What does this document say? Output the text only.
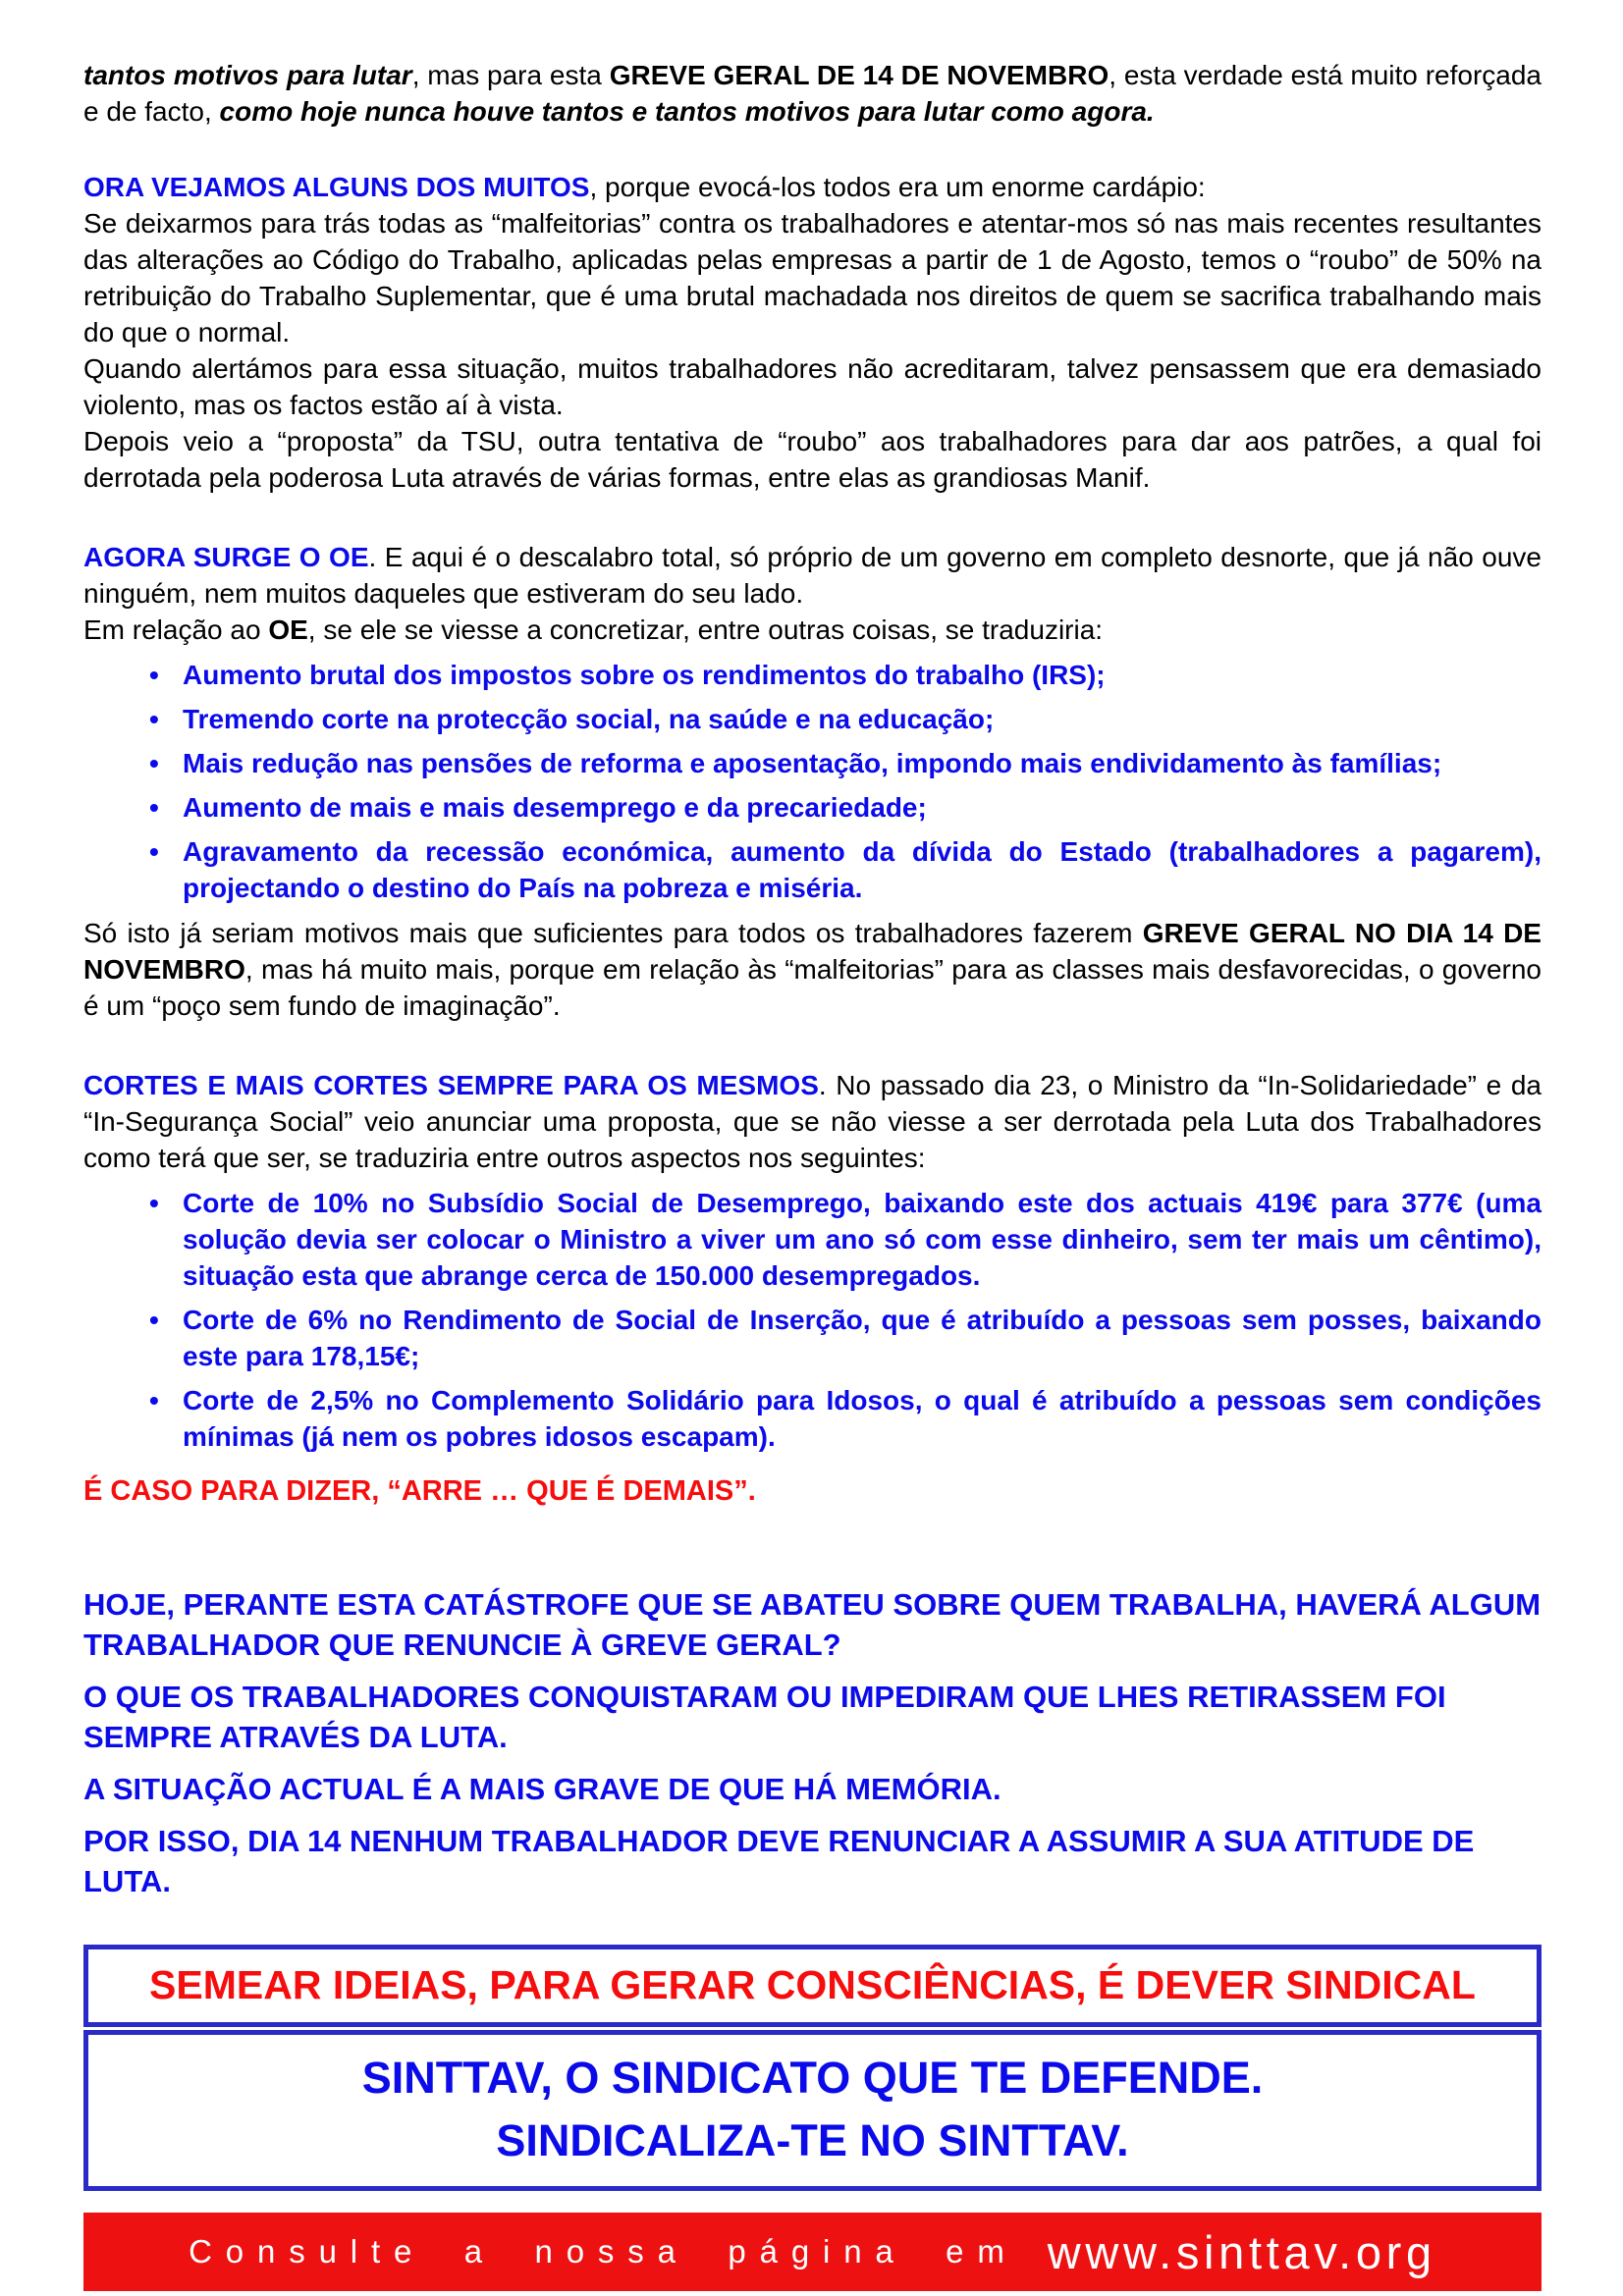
tantos motivos para lutar, mas para esta GREVE GERAL DE 14 DE NOVEMBRO, esta verdade está muito reforçada e de facto, como hoje nunca houve tantos e tantos motivos para lutar como agora.

ORA VEJAMOS ALGUNS DOS MUITOS, porque evocá-los todos era um enorme cardápio:

Se deixarmos para trás todas as “malfeitorias” contra os trabalhadores e atentar-mos só nas mais recentes resultantes das alterações ao Código do Trabalho, aplicadas pelas empresas a partir de 1 de Agosto, temos o “roubo” de 50% na retribuição do Trabalho Suplementar, que é uma brutal machadada nos direitos de quem se sacrifica trabalhando mais do que o normal.

Quando alertámos para essa situação, muitos trabalhadores não acreditaram, talvez pensassem que era demasiado violento, mas os factos estão aí à vista.

Depois veio a “proposta” da TSU, outra tentativa de “roubo” aos trabalhadores para dar aos patrões, a qual foi derrotada pela poderosa Luta através de várias formas, entre elas as grandiosas Manif.

AGORA SURGE O OE. E aqui é o descalabro total, só próprio de um governo em completo desnorte, que já não ouve ninguém, nem muitos daqueles que estiveram do seu lado.

Em relação ao OE, se ele se viesse a concretizar, entre outras coisas, se traduziria:

• Aumento brutal dos impostos sobre os rendimentos do trabalho (IRS);
• Tremendo corte na protecção social, na saúde e na educação;
• Mais redução nas pensões de reforma e aposentação, impondo mais endividamento às famílias;
• Aumento de mais e mais desemprego e da precariedade;
• Agravamento da recessão económica, aumento da dívida do Estado (trabalhadores a pagarem), projectando o destino do País na pobreza e miséria.

Só isto já seriam motivos mais que suficientes para todos os trabalhadores fazerem GREVE GERAL NO DIA 14 DE NOVEMBRO, mas há muito mais, porque em relação às “malfeitorias” para as classes mais desfavorecidas, o governo é um “poço sem fundo de imaginação”.

CORTES E MAIS CORTES SEMPRE PARA OS MESMOS. No passado dia 23, o Ministro da “In-Solidariedade” e da “In-Segurança Social” veio anunciar uma proposta, que se não viesse a ser derrotada pela Luta dos Trabalhadores como terá que ser, se traduziria entre outros aspectos nos seguintes:

• Corte de 10% no Subsídio Social de Desemprego, baixando este dos actuais 419€ para 377€ (uma solução devia ser colocar o Ministro a viver um ano só com esse dinheiro, sem ter mais um cêntimo), situação esta que abrange cerca de 150.000 desempregados.
• Corte de 6% no Rendimento de Social de Inserção, que é atribuído a pessoas sem posses, baixando este para 178,15€;
• Corte de 2,5% no Complemento Solidário para Idosos, o qual é atribuído a pessoas sem condições mínimas (já nem os pobres idosos escapam).

É CASO PARA DIZER, “ARRE … QUE É DEMAIS”.

HOJE, PERANTE ESTA CATÁSTROFE QUE SE ABATEU SOBRE QUEM TRABALHA, HAVERÁ ALGUM TRABALHADOR QUE RENUNCIE À GREVE GERAL?

O QUE OS TRABALHADORES CONQUISTARAM OU IMPEDIRAM QUE LHES RETIRASSEM FOI SEMPRE ATRAVÉS DA LUTA.

A SITUAÇÃO ACTUAL É A MAIS GRAVE DE QUE HÁ MEMÓRIA.

POR ISSO, DIA 14 NENHUM TRABALHADOR DEVE RENUNCIAR A ASSUMIR A SUA ATITUDE DE LUTA.

SEMEAR IDEIAS, PARA GERAR CONSCIÊNCIAS, É DEVER SINDICAL
SINTTAV, O SINDICATO QUE TE DEFENDE.
SINDICALIZA-TE NO SINTTAV.
Consulte a nossa página em www.sinttav.org
